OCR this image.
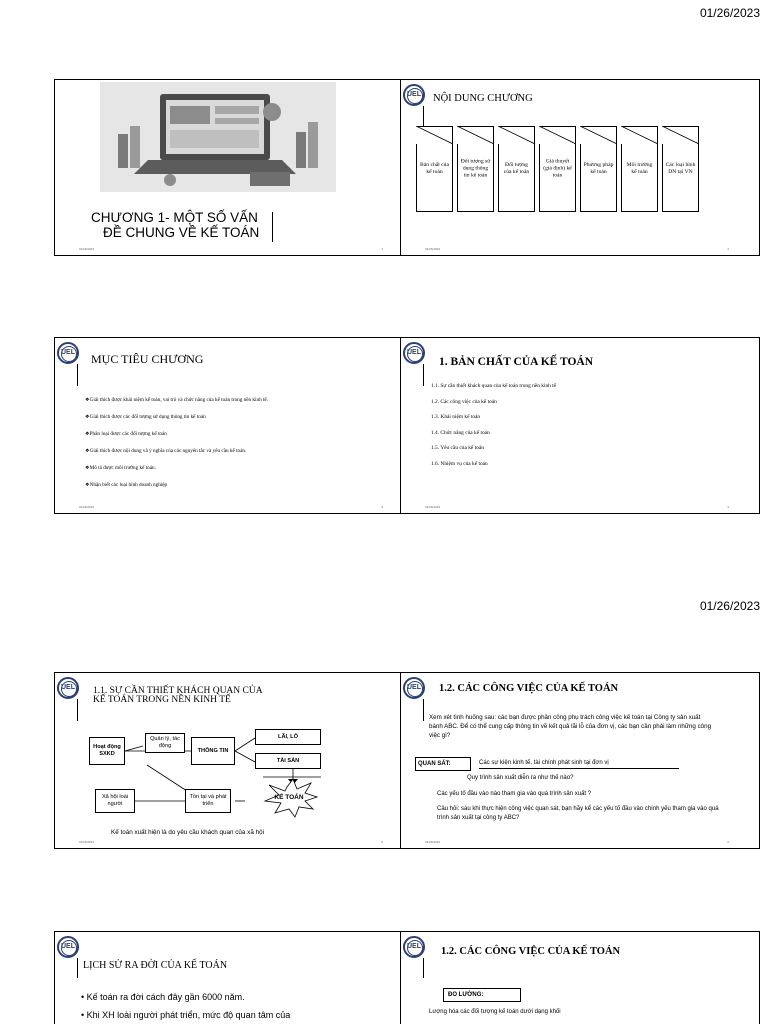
01/26/2023
01/26/2023
CHƯƠNG 1- MỘT SỐ VẤN
ĐỀ CHUNG VỀ KẾ TOÁN
01/26/2023	1
UEL NỘI DUNG CHƯƠNG
Bản chất của kế toán
Đối tượng sử dụng thông tin kế toán
Đối tượng của kế toán
Giả thuyết (giả định) kế toán
Phương pháp kế toán
Môi trường kế toán
Các loại hình DN tại VN
01/26/2023	2
UEL MỤC TIÊU CHƯƠNG
❖Giải thích được khái niệm kế toán, vai trò và chức năng của kế toán trong nền kinh tế.
❖Giải thích được các đối tượng sử dụng thông tin kế toán
❖Phân loại được các đối tượng kế toán
❖Giải thích được nội dung và ý nghĩa của các nguyên tắc và yêu cầu kế toán.
❖Mô tả được môi trường kế toán.
❖Nhận biết các loại hình doanh nghiệp
01/26/2023	3
UEL
1. BẢN CHẤT CỦA KẾ TOÁN
1.1. Sự cần thiết khách quan của kế toán trong nền kinh tế
1.2. Các công việc của kế toán
1.3. Khái niệm kế toán
1.4. Chức năng của kế toán
1.5. Yêu cầu của kế toán
1.6. Nhiệm vụ của kế toán
01/26/2023	4
UEL 1.1. SỰ CẦN THIẾT KHÁCH QUAN CỦA
KẾ TOÁN TRONG NỀN KINH TẾ
Hoạt động SXKD
Quản lý, tác động
THÔNG TIN
LÃI, LỖ
TÀI SẢN
Xã hội loài người
Tồn tại và phát triển
KẾ TOÁN
Kế toán xuất hiện là do yêu cầu khách quan của xã hội
01/26/2023	5
UEL 1.2. CÁC CÔNG VIỆC CỦA KẾ TOÁN
Xem xét tình huống sau: các bạn được phân công phụ trách công việc kế toán tại Công ty sản xuất bánh ABC. Để có thể cung cấp thông tin về kết quả lãi lỗ của đơn vị, các bạn cần phải làm những công việc gì?
QUAN SÁT:	Các sự kiện kinh tế, tài chính phát sinh tại đơn vị
Quy trình sản xuất diễn ra như thế nào?
Các yếu tố đầu vào nào tham gia vào quá trình sản xuất ?
Câu hỏi: sau khi thực hiện công việc quan sát, bạn hãy kể các yếu tố đầu vào chính yếu tham gia vào quá trình sản xuất tại công ty ABC?
01/26/2023	6
UEL
LỊCH SỬ RA ĐỜI CỦA KẾ TOÁN
• Kế toán ra đời cách đây gần 6000 năm.
• Khi XH loài người phát triển, mức độ quan tâm của
UEL 1.2. CÁC CÔNG VIỆC CỦA KẾ TOÁN
ĐO LƯỜNG:
Lượng hóa các đối tượng kế toán dưới dạng khối
